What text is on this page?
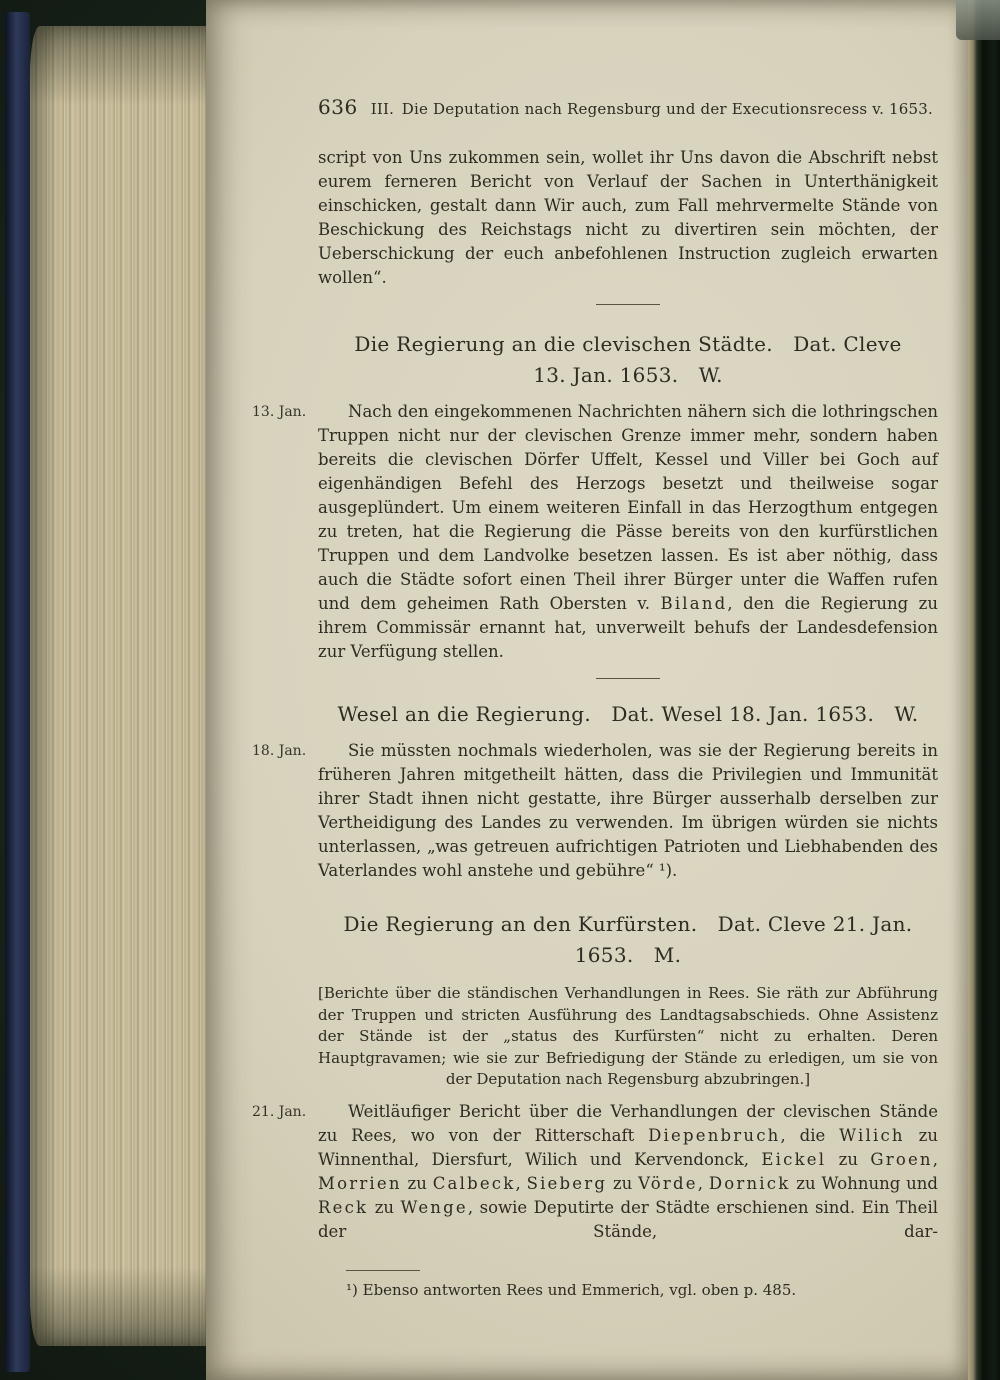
636 III. Die Deputation nach Regensburg und der Executionsrecess v. 1653.

script von Uns zukommen sein, wollet ihr Uns davon die Abschrift nebst eurem ferneren Bericht von Verlauf der Sachen in Unterthänigkeit einschicken, gestalt dann Wir auch, zum Fall mehrvermelte Stände von Beschickung des Reichstags nicht zu divertiren sein möchten, der Ueberschickung der euch anbefohlenen Instruction zugleich erwarten wollen“.

Die Regierung an die clevischen Städte. Dat. Cleve
13. Jan. 1653. W.
13. Jan.	Nach den eingekommenen Nachrichten nähern sich die lothringschen Truppen nicht nur der clevischen Grenze immer mehr, sondern haben bereits die clevischen Dörfer Uffelt, Kessel und Viller bei Goch auf eigenhändigen Befehl des Herzogs besetzt und theilweise sogar ausgeplündert. Um einem weiteren Einfall in das Herzogthum entgegen zu treten, hat die Regierung die Pässe bereits von den kurfürstlichen Truppen und dem Landvolke besetzen lassen. Es ist aber nöthig, dass auch die Städte sofort einen Theil ihrer Bürger unter die Waffen rufen und dem geheimen Rath Obersten v. Biland, den die Regierung zu ihrem Commissär ernannt hat, unverweilt behufs der Landesdefension zur Verfügung stellen.

Wesel an die Regierung. Dat. Wesel 18. Jan. 1653. W.
18. Jan.	Sie müssten nochmals wiederholen, was sie der Regierung bereits in früheren Jahren mitgetheilt hätten, dass die Privilegien und Immunität ihrer Stadt ihnen nicht gestatte, ihre Bürger ausserhalb derselben zur Vertheidigung des Landes zu verwenden. Im übrigen würden sie nichts unterlassen, „was getreuen aufrichtigen Patrioten und Liebhabenden des Vaterlandes wohl anstehe und gebühre“ ¹).

Die Regierung an den Kurfürsten. Dat. Cleve 21. Jan.
1653. M.

[Berichte über die ständischen Verhandlungen in Rees. Sie räth zur Abführung der Truppen und stricten Ausführung des Landtagsabschieds. Ohne Assistenz der Stände ist der „status des Kurfürsten“ nicht zu erhalten. Deren Hauptgravamen; wie sie zur Befriedigung der Stände zu erledigen, um sie von der Deputation nach Regensburg abzubringen.]

21. Jan.	Weitläufiger Bericht über die Verhandlungen der clevischen Stände zu Rees, wo von der Ritterschaft Diepenbruch, die Wilich zu Winnenthal, Diersfurt, Wilich und Kervendonck, Eickel zu Groen, Morrien zu Calbeck, Sieberg zu Vörde, Dornick zu Wohnung und Reck zu Wenge, sowie Deputirte der Städte erschienen sind. Ein Theil der Stände, dar-

¹) Ebenso antworten Rees und Emmerich, vgl. oben p. 485.
